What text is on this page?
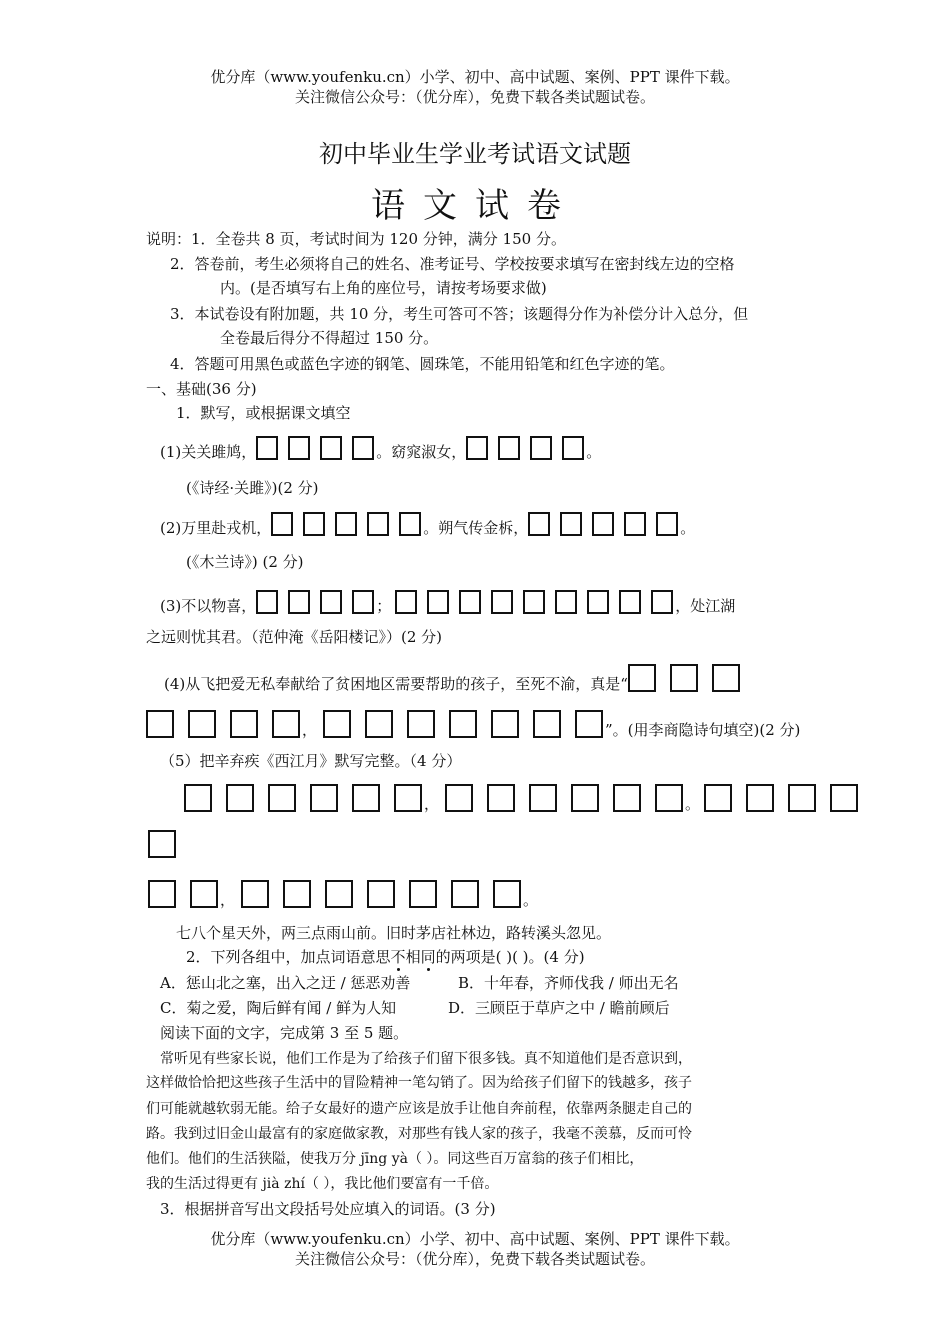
优分库（www.youfenku.cn）小学、初中、高中试题、案例、PPT 课件下载。
关注微信公众号：（优分库），免费下载各类试题试卷。
初中毕业生学业考试语文试题
语文试卷
说明：1．全卷共 8 页，考试时间为 120 分钟，满分 150 分。
2．答卷前，考生必须将自己的姓名、准考证号、学校按要求填写在密封线左边的空格
内。(是否填写右上角的座位号，请按考场要求做)
3．本试卷设有附加题，共 10 分，考生可答可不答；该题得分作为补偿分计入总分，但
全卷最后得分不得超过 150 分。
4．答题可用黑色或蓝色字迹的钢笔、圆珠笔，不能用铅笔和红色字迹的笔。
一、基础(36 分)
1．默写，或根据课文填空
(1)关关雎鸠，	。窈窕淑女，	。
(《诗经·关雎》)(2 分)
(2)万里赴戎机，	。朔气传金柝，	。
(《木兰诗》) (2 分)
(3)不以物喜，	；	，处江湖
之远则忧其君。（范仲淹《岳阳楼记》）(2 分)
(4)从飞把爱无私奉献给了贫困地区需要帮助的孩子，至死不渝，真是“
，	”。(用李商隐诗句填空)(2 分)
（5）把辛弃疾《西江月》默写完整。（4 分）
，	。
，	。
七八个星天外，两三点雨山前。旧时茅店社林边，路转溪头忽见。
2．下列各组中，加点词语意思不相同的两项是( )( )。(4 分)
A．惩山北之塞，出入之迂 / 惩恶劝善	B．十年春，齐师伐我 / 师出无名
C．菊之爱，陶后鲜有闻 / 鲜为人知	D．三顾臣于草庐之中 / 瞻前顾后
阅读下面的文字，完成第 3 至 5 题。
常听见有些家长说，他们工作是为了给孩子们留下很多钱。真不知道他们是否意识到，
这样做恰恰把这些孩子生活中的冒险精神一笔勾销了。因为给孩子们留下的钱越多，孩子
们可能就越软弱无能。给子女最好的遗产应该是放手让他自奔前程，依靠两条腿走自己的
路。我到过旧金山最富有的家庭做家教，对那些有钱人家的孩子，我毫不羡慕，反而可怜
他们。他们的生活狭隘，使我万分 jīng yà（ ）。同这些百万富翁的孩子们相比，
我的生活过得更有 jià zhí（ ），我比他们要富有一千倍。
3．根据拼音写出文段括号处应填入的词语。(3 分)
优分库（www.youfenku.cn）小学、初中、高中试题、案例、PPT 课件下载。
关注微信公众号：（优分库），免费下载各类试题试卷。
